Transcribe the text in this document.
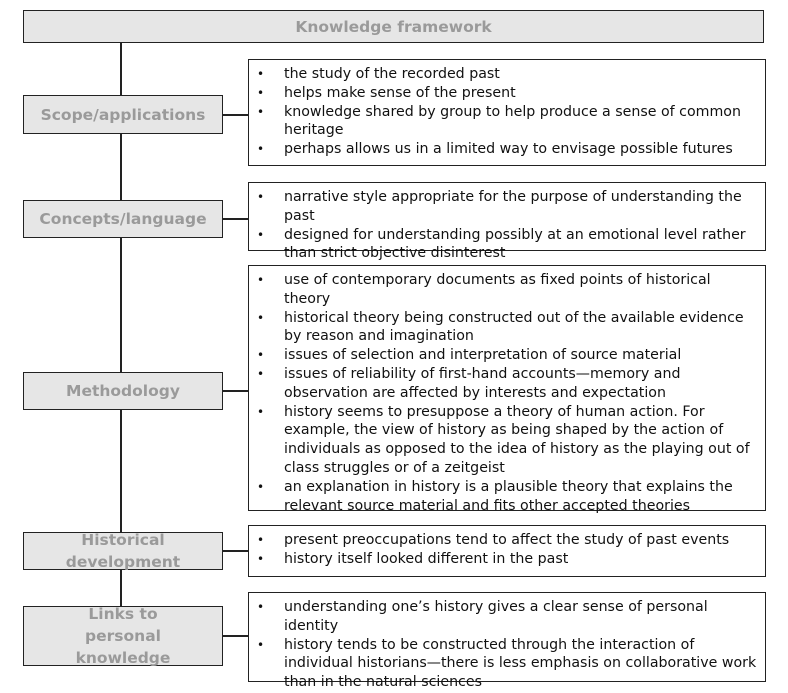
Knowledge framework
Scope/applications
• the study of the recorded past
• helps make sense of the present
• knowledge shared by group to help produce a sense of common heritage
• perhaps allows us in a limited way to envisage possible futures
Concepts/language
• narrative style appropriate for the purpose of understanding the past
• designed for understanding possibly at an emotional level rather than strict objective disinterest
Methodology
• use of contemporary documents as fixed points of historical theory
• historical theory being constructed out of the available evidence by reason and imagination
• issues of selection and interpretation of source material
• issues of reliability of first-hand accounts—memory and observation are affected by interests and expectation
• history seems to presuppose a theory of human action. For example, the view of history as being shaped by the action of individuals as opposed to the idea of history as the playing out of class struggles or of a zeitgeist
• an explanation in history is a plausible theory that explains the relevant source material and fits other accepted theories
Historical development
• present preoccupations tend to affect the study of past events
• history itself looked different in the past
Links to personal knowledge
• understanding one’s history gives a clear sense of personal identity
• history tends to be constructed through the interaction of individual historians—there is less emphasis on collaborative work than in the natural sciences
